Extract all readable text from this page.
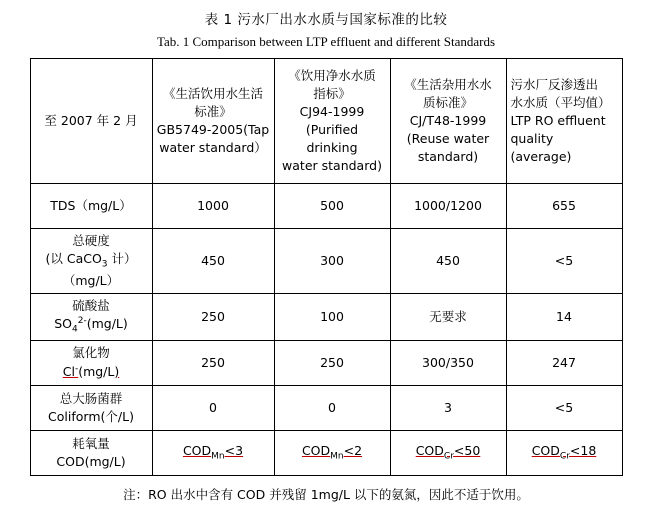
表 1 污水厂出水水质与国家标准的比较
Tab. 1 Comparison between LTP effluent and different Standards
至 2007 年 2 月	《生活饮用水生活
标准》
GB5749-2005(Tap
water standard）	《饮用净水水质
指标》
CJ94-1999
(Purified drinking
water standard)	《生活杂用水水
质标准》
CJ/T48-1999
(Reuse water
standard)	污水厂反渗透出
水水质（平均值）
LTP RO effluent
quality (average)

TDS（mg/L）	1000	500	1000/1200	655

总硬度
(以 CaCO$_3$ 计）
（mg/L）	450	300	450	<5

硫酸盐
$SO_4^{2-}(mg/L)$	250	100	无要求	14

氯化物
Cl-(mg/L)	250	250	300/350	247

总大肠菌群
Coliform(个/L)	0	0	3	<5

耗氧量
COD(mg/L)	$COD_{Mn}<3$	$COD_{Mn}<2$	$COD_{Cr}<50$	$COD_{Cr}<18$
注：RO 出水中含有 COD 并残留 1mg/L 以下的氨氮，因此不适于饮用。
